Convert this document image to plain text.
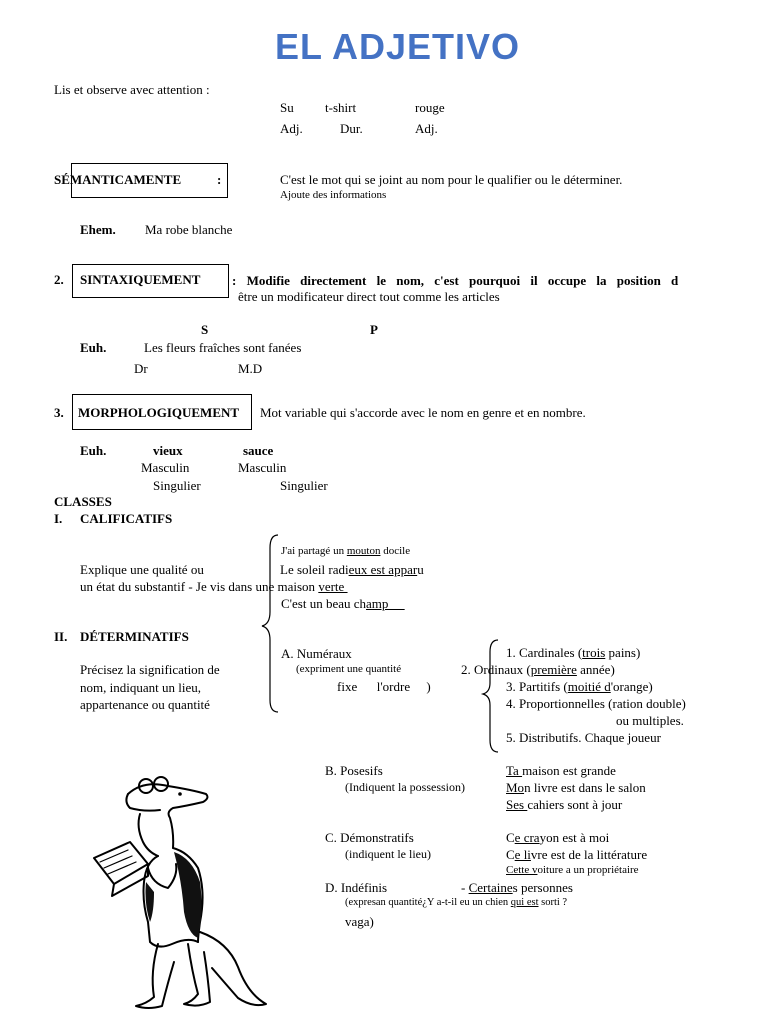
EL ADJETIVO
Lis et observe avec attention :
Su t-shirt	rouge
Adj.	Dur.	Adj.
SÉMANTICAMENTE	:	C'est le mot qui se joint au nom pour le qualifier ou le déterminer.
Ajoute des informations
Ehem. Ma robe blanche
2. SINTAXIQUEMENT : Modifie directement le nom, c'est pourquoi il occupe la position d
être un modificateur direct tout comme les articles
S	P
Euh.	Les fleurs fraîches sont fanées
Dr	M.D
3. MORPHOLOGIQUEMENT Mot variable qui s'accorde avec le nom en genre et en nombre.
Euh.	vieux	sauce
Masculin	Masculin
Singulier	Singulier
CLASSES
I. CALIFICATIFS
J'ai partagé un mouton docile
Explique une qualité ou	Le soleil radieux est apparu
un état du substantif - Je vis dans une maison verte
C'est un beau champ
II. DÉTERMINATIFS
Précisez la signification de
nom, indiquant un lieu,
appartenance ou quantité
A. Numéraux
(expriment une quantité
fixe      l'ordre     )
1. Cardinales (trois pains)
2. Ordinaux (première année)
3. Partitifs (moitié d'orange)
4. Proportionnelles (ration double)
ou multiples.
5. Distributifs. Chaque joueur
B. Posesifs
(Indiquent la possession)
Ta maison est grande
Mon livre est dans le salon
Ses cahiers sont à jour
C. Démonstratifs
(indiquent le lieu)
Ce crayon est à moi
Ce livre est de la littérature
Cette voiture a un propriétaire
D. Indéfinis	- Certaines personnes
(expresan quantité¿Y a-t-il eu un chien qui est sorti ?
vaga)
